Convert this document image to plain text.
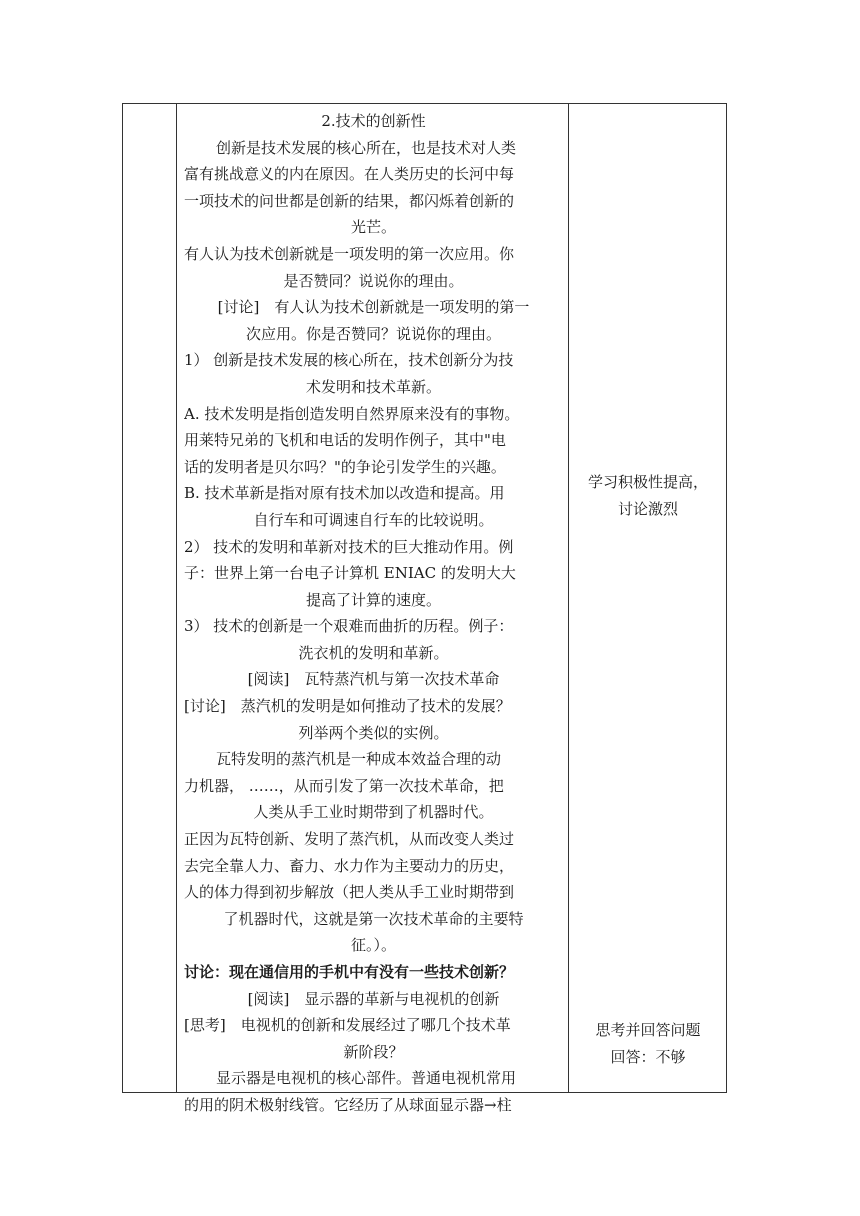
2.技术的创新性
创新是技术发展的核心所在，也是技术对人类
富有挑战意义的内在原因。在人类历史的长河中每
一项技术的问世都是创新的结果，都闪烁着创新的
光芒。
有人认为技术创新就是一项发明的第一次应用。你
是否赞同？说说你的理由。
[讨论]　有人认为技术创新就是一项发明的第一
次应用。你是否赞同？说说你的理由。
1） 创新是技术发展的核心所在，技术创新分为技
术发明和技术革新。
A. 技术发明是指创造发明自然界原来没有的事物。
用莱特兄弟的飞机和电话的发明作例子，其中"电
话的发明者是贝尔吗？"的争论引发学生的兴趣。
B. 技术革新是指对原有技术加以改造和提高。用
自行车和可调速自行车的比较说明。
2） 技术的发明和革新对技术的巨大推动作用。例
子：世界上第一台电子计算机 ENIAC 的发明大大
提高了计算的速度。
3） 技术的创新是一个艰难而曲折的历程。例子：
洗衣机的发明和革新。
[阅读]　瓦特蒸汽机与第一次技术革命
[讨论]　蒸汽机的发明是如何推动了技术的发展？
列举两个类似的实例。
瓦特发明的蒸汽机是一种成本效益合理的动
力机器， ……，从而引发了第一次技术革命，把
人类从手工业时期带到了机器时代。
正因为瓦特创新、发明了蒸汽机，从而改变人类过
去完全靠人力、畜力、水力作为主要动力的历史，
人的体力得到初步解放（把人类从手工业时期带到
了机器时代，这就是第一次技术革命的主要特
征。）。
讨论：现在通信用的手机中有没有一些技术创新？
[阅读]　显示器的革新与电视机的创新
[思考]　电视机的创新和发展经过了哪几个技术革
新阶段？
显示器是电视机的核心部件。普通电视机常用
的用的阴术极射线管。它经历了从球面显示器→柱
学习积极性提高，
讨论激烈
思考并回答问题
回答：不够
